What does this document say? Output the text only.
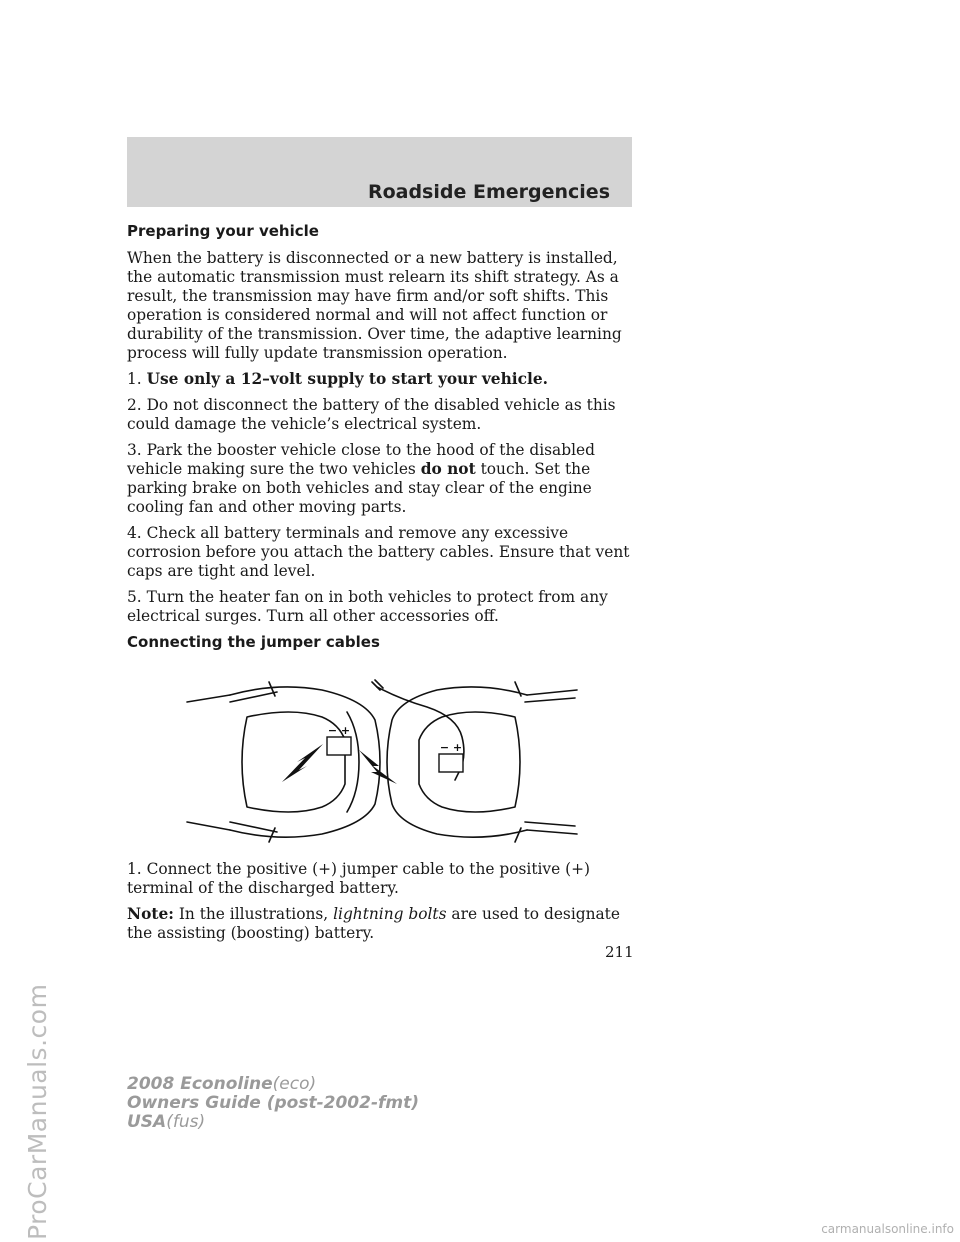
Roadside Emergencies
Preparing your vehicle

When the battery is disconnected or a new battery is installed, the automatic transmission must relearn its shift strategy. As a result, the transmission may have firm and/or soft shifts. This operation is considered normal and will not affect function or durability of the transmission. Over time, the adaptive learning process will fully update transmission operation.

1. Use only a 12–volt supply to start your vehicle.

2. Do not disconnect the battery of the disabled vehicle as this could damage the vehicle’s electrical system.

3. Park the booster vehicle close to the hood of the disabled vehicle making sure the two vehicles do not touch. Set the parking brake on both vehicles and stay clear of the engine cooling fan and other moving parts.

4. Check all battery terminals and remove any excessive corrosion before you attach the battery cables. Ensure that vent caps are tight and level.

5. Turn the heater fan on in both vehicles to protect from any electrical surges. Turn all other accessories off.

Connecting the jumper cables
− +
− +

1. Connect the positive (+) jumper cable to the positive (+) terminal of the discharged battery.

Note: In the illustrations, lightning bolts are used to designate the assisting (boosting) battery.

211
2008 Econoline(eco)
Owners Guide (post-2002-fmt)
USA(fus)
ProCarManuals.com	carmanualsonline.info
